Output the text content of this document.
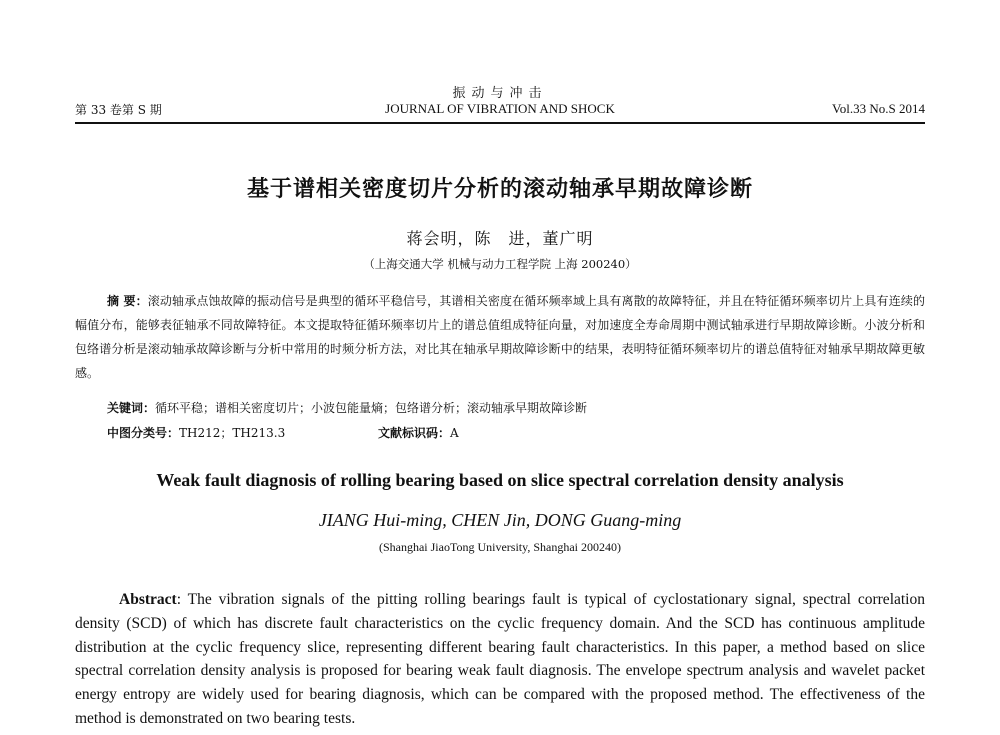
振动与冲击
第 33 卷第 S 期	JOURNAL OF VIBRATION AND SHOCK	Vol.33 No.S 2014
基于谱相关密度切片分析的滚动轴承早期故障诊断
蒋会明，陈　进，董广明
（上海交通大学 机械与动力工程学院 上海 200240）

摘 要：滚动轴承点蚀故障的振动信号是典型的循环平稳信号，其谱相关密度在循环频率域上具有离散的故障特征，并且在特征循环频率切片上具有连续的幅值分布，能够表征轴承不同故障特征。本文提取特征循环频率切片上的谱总值组成特征向量，对加速度全寿命周期中测试轴承进行早期故障诊断。小波分析和包络谱分析是滚动轴承故障诊断与分析中常用的时频分析方法，对比其在轴承早期故障诊断中的结果，表明特征循环频率切片的谱总值特征对轴承早期故障更敏感。

关键词：循环平稳；谱相关密度切片；小波包能量熵；包络谱分析；滚动轴承早期故障诊断
中图分类号：TH212；TH213.3	文献标识码：A
Weak fault diagnosis of rolling bearing based on slice spectral correlation density analysis
JIANG Hui-ming, CHEN Jin, DONG Guang-ming
(Shanghai JiaoTong University, Shanghai 200240)

Abstract: The vibration signals of the pitting rolling bearings fault is typical of cyclostationary signal, spectral correlation density (SCD) of which has discrete fault characteristics on the cyclic frequency domain. And the SCD has continuous amplitude distribution at the cyclic frequency slice, representing different bearing fault characteristics. In this paper, a method based on slice spectral correlation density analysis is proposed for bearing weak fault diagnosis. The envelope spectrum analysis and wavelet packet energy entropy are widely used for bearing diagnosis, which can be compared with the proposed method. The effectiveness of the method is demonstrated on two bearing tests.
